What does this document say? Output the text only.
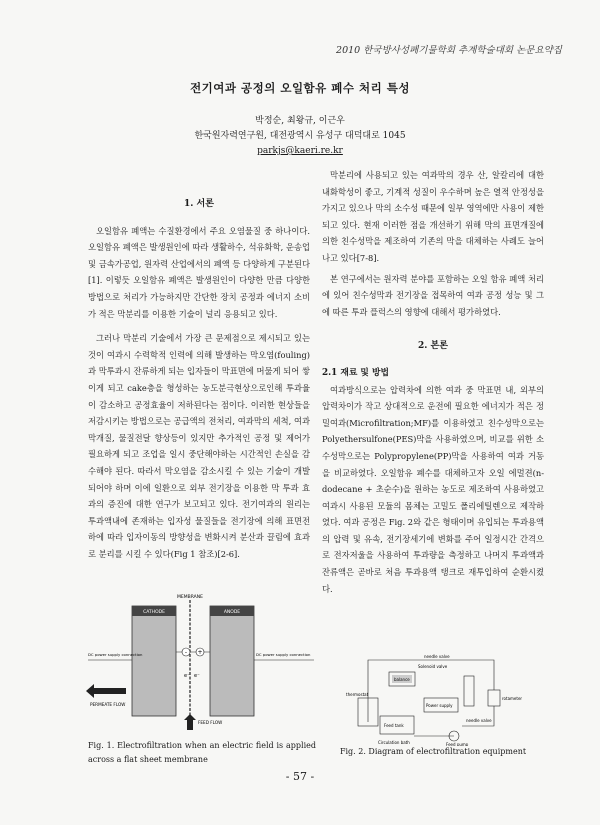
2010 한국방사성폐기물학회 추계학술대회 논문요약집
전기여과 공정의 오일함유 폐수 처리 특성
박정순, 최왕규, 이근우
한국원자력연구원, 대전광역시 유성구 대덕대로 1045
parkjs@kaeri.re.kr
1. 서론

오일함유 폐액는 수질환경에서 주요 오염물질 중 하나이다. 오일함유 폐액은 발생원인에 따라 생활하수, 석유화학, 운송업 및 금속가공업, 원자력 산업에서의 폐액 등 다양하게 구분된다[1]. 이렇듯 오일함유 폐액은 발생원인이 다양한 만큼 다양한 방법으로 처리가 가능하지만 간단한 장치 공정과 에너지 소비가 적은 막분리를 이용한 기술이 널리 응용되고 있다.

그러나 막분리 기술에서 가장 큰 문제점으로 제시되고 있는 것이 여과시 수력학적 인력에 의해 발생하는 막오염(fouling)과 막투과시 잔류하게 되는 입자들이 막표면에 머물게 되어 쌓이게 되고 cake층을 형성하는 농도분극현상으로인해 투과율이 감소하고 공정효율이 저하된다는 점이다. 이러한 현상들을 저감시키는 방법으로는 공급액의 전처리, 여과막의 세척, 여과막개질, 물질전달 향상등이 있지만 추가적인 공정 및 제어가 필요하게 되고 조업을 일시 중단해야하는 시간적인 손실을 감수해야 된다. 따라서 막오염을 감소시킬 수 있는 기술이 개발되어야 하며 이에 일환으로 외부 전기장을 이용한 막 투과 효과의 증진에 대한 연구가 보고되고 있다. 전기여과의 원리는 투과액내에 존재하는 입자성 물질들을 전기장에 의해 표면전하에 따라 입자이동의 방향성을 변화시켜 분산과 끌림에 효과로 분리를 시킬 수 있다(Fig 1 참조)[2-6].

막분리에 사용되고 있는 여과막의 경우 산, 알칼리에 대한 내화학성이 좋고, 기계적 성질이 우수하며 높은 열적 안정성을 가지고 있으나 막의 소수성 때문에 일부 영역에만 사용이 제한되고 있다. 현재 이러한 점을 개선하기 위해 막의 표면개질에 의한 친수성막을 제조하여 기존의 막을 대체하는 사례도 늘어나고 있다[7-8].

본 연구에서는 원자력 분야를 포함하는 오일 함유 폐액 처리에 있어 친수성막과 전기장을 접목하여 여과 공정 성능 및 그에 따른 투과 플럭스의 영향에 대해서 평가하였다.

2. 본론

2.1 재료 및 방법

여과방식으로는 압력차에 의한 여과 중 막표면 내, 외부의 압력차이가 작고 상대적으로 운전에 필요한 에너지가 적은 정밀여과(Microfiltration;MF)를 이용하였고 친수성막으로는 Polyethersulfone(PES)막을 사용하였으며, 비교를 위한 소수성막으로는 Polypropylene(PP)막을 사용하여 여과 거동을 비교하였다. 오일함유 폐수를 대체하고자 오일 에멀젼(n-dodecane + 초순수)을 원하는 농도로 제조하여 사용하였고 여과시 사용된 모듈의 몸체는 고밀도 폴리에틸렌으로 제작하였다. 여과 공정은 Fig. 2와 같은 형태이며 유입되는 투과용액의 압력 및 유속, 전기장세기에 변화를 주어 일정시간 간격으로 전자저울을 사용하여 투과량을 측정하고 나머지 투과액과 잔류액은 곧바로 처음 투과용액 탱크로 재투입하여 순환시켰다.

MEMBRANE
CATHODE	ANODE
- +
e⁻ e⁻
DC power supply connection	DC power supply connection
PERMEATE FLOW
FEED FLOW
Fig. 1. Electrofiltration when an electric field is applied across a flat sheet membrane
needle valve
Solenoid valve
balance
thermostat
Power supply
rotameter
needle valve
Feed tank
Circulation bath	Feed pump
Fig. 2. Diagram of electrofiltration equipment
- 57 -
